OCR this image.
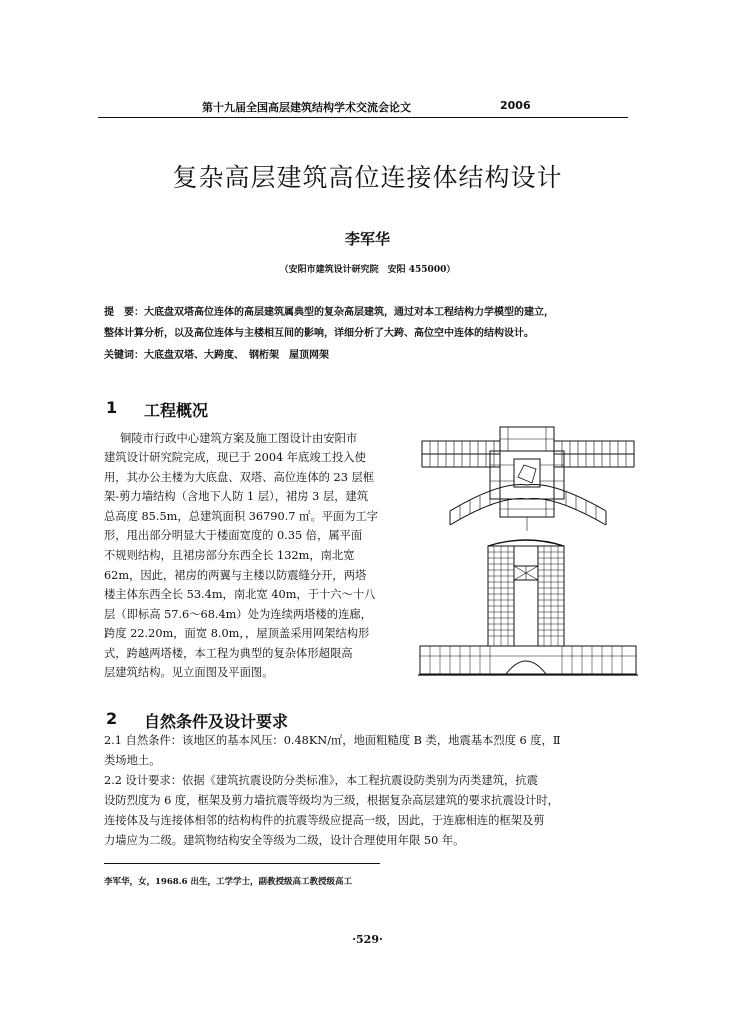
第十九届全国高层建筑结构学术交流会论文	2006
复杂高层建筑高位连接体结构设计
李军华
（安阳市建筑设计研究院　安阳 455000）
提　要：大底盘双塔高位连体的高层建筑属典型的复杂高层建筑，通过对本工程结构力学模型的建立，
整体计算分析，以及高位连体与主楼相互间的影响，详细分析了大跨、高位空中连体的结构设计。
关键词：大底盘双塔、大跨度、　钢桁架　屋顶网架
1 工程概况
铜陵市行政中心建筑方案及施工图设计由安阳市
建筑设计研究院完成，现已于 2004 年底竣工投入使
用，其办公主楼为大底盘、双塔、高位连体的 23 层框
架-剪力墙结构（含地下人防 1 层），裙房 3 层，建筑
总高度 85.5m，总建筑面积 36790.7 ㎡。平面为工字
形，甩出部分明显大于楼面宽度的 0.35 倍，属平面
不规则结构，且裙房部分东西全长 132m，南北宽
62m，因此，裙房的两翼与主楼以防震缝分开，两塔
楼主体东西全长 53.4m，南北宽 40m，于十六～十八
层（即标高 57.6～68.4m）处为连续两塔楼的连廊，
跨度 22.20m，面宽 8.0m，，屋顶盖采用网架结构形
式，跨越两塔楼，本工程为典型的复杂体形超限高
层建筑结构。见立面图及平面图。
2 自然条件及设计要求
2.1 自然条件：该地区的基本风压：0.48KN/㎡，地面粗糙度 B 类，地震基本烈度 6 度，Ⅱ
类场地土。
2.2 设计要求：依据《建筑抗震设防分类标准》，本工程抗震设防类别为丙类建筑，抗震
设防烈度为 6 度，框架及剪力墙抗震等级均为三级，根据复杂高层建筑的要求抗震设计时，
连接体及与连接体相邻的结构构件的抗震等级应提高一级，因此，于连廊相连的框架及剪
力墙应为二级。建筑物结构安全等级为二级，设计合理使用年限 50 年。
李军华，女，1968.6 出生，工学学士，副教授级高工教授级高工
·529·
